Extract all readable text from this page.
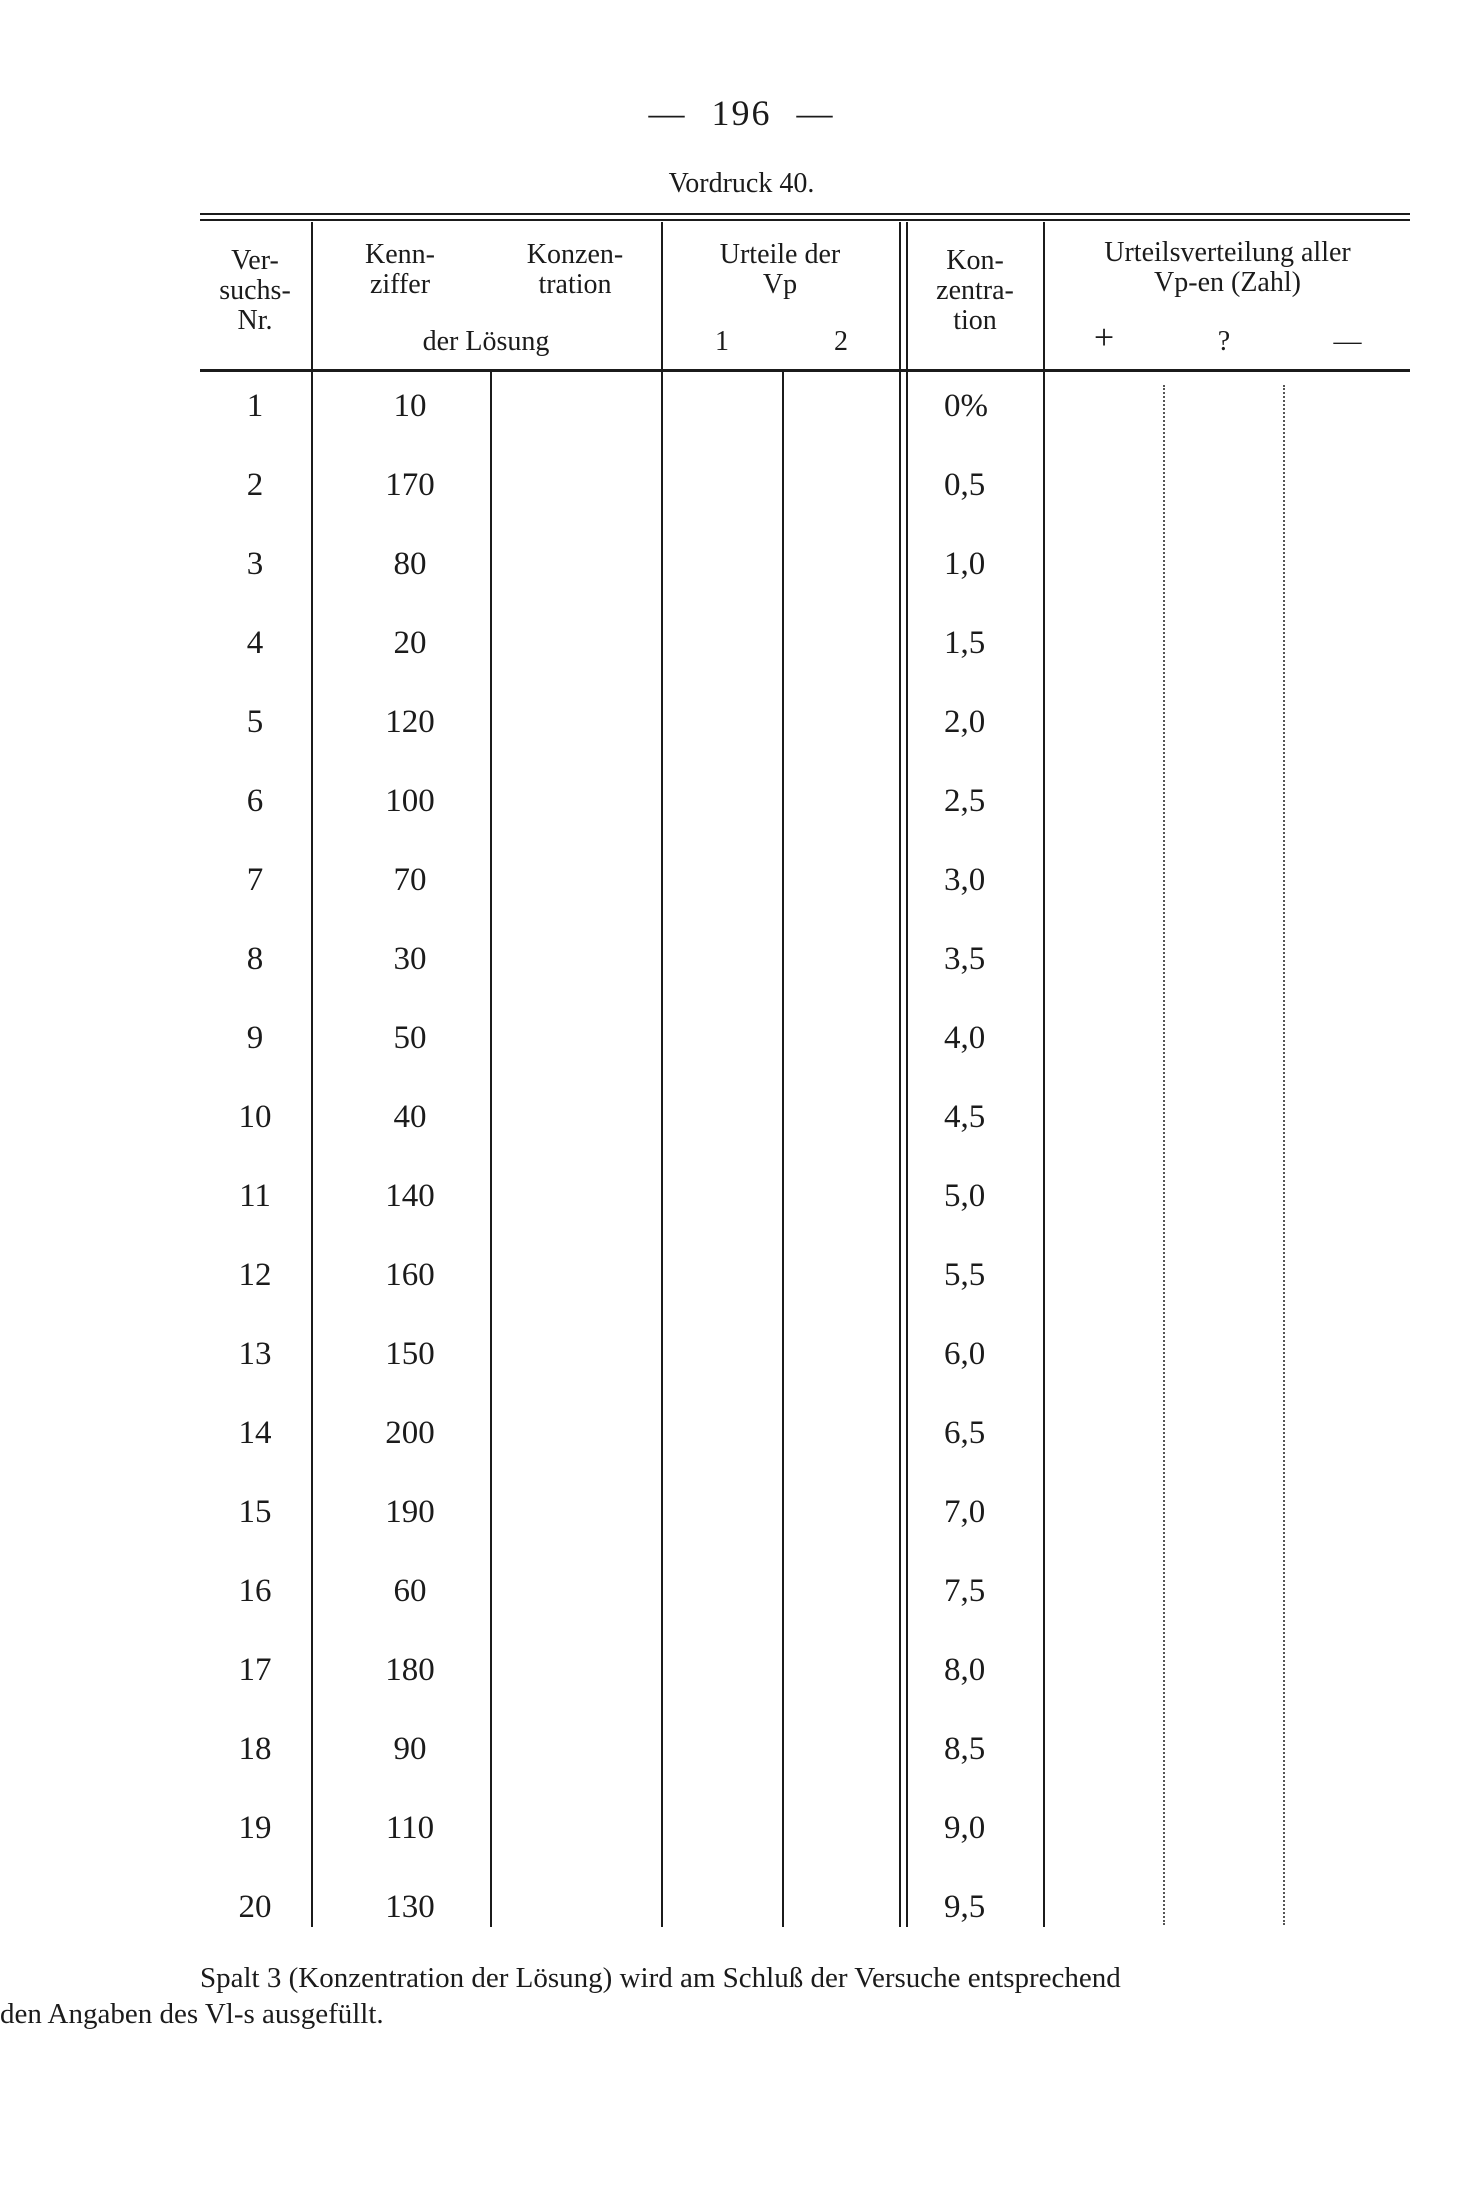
— 196 —
Vordruck 40.
Ver-
suchs-
Nr.
Kenn-
ziffer
Konzen-
tration
der Lösung
Urteile der
Vp
1	2
Kon-
zentra-
tion
Urteilsverteilung aller
Vp-en (Zahl)
+	?	—
1	10	0%
2	170	0,5
3	80	1,0
4	20	1,5
5	120	2,0
6	100	2,5
7	70	3,0
8	30	3,5
9	50	4,0
10	40	4,5
11	140	5,0
12	160	5,5
13	150	6,0
14	200	6,5
15	190	7,0
16	60	7,5
17	180	8,0
18	90	8,5
19	110	9,0
20	130	9,5
Spalt 3 (Konzentration der Lösung) wird am Schluß der Versuche entsprechend
den Angaben des Vl-s ausgefüllt.
